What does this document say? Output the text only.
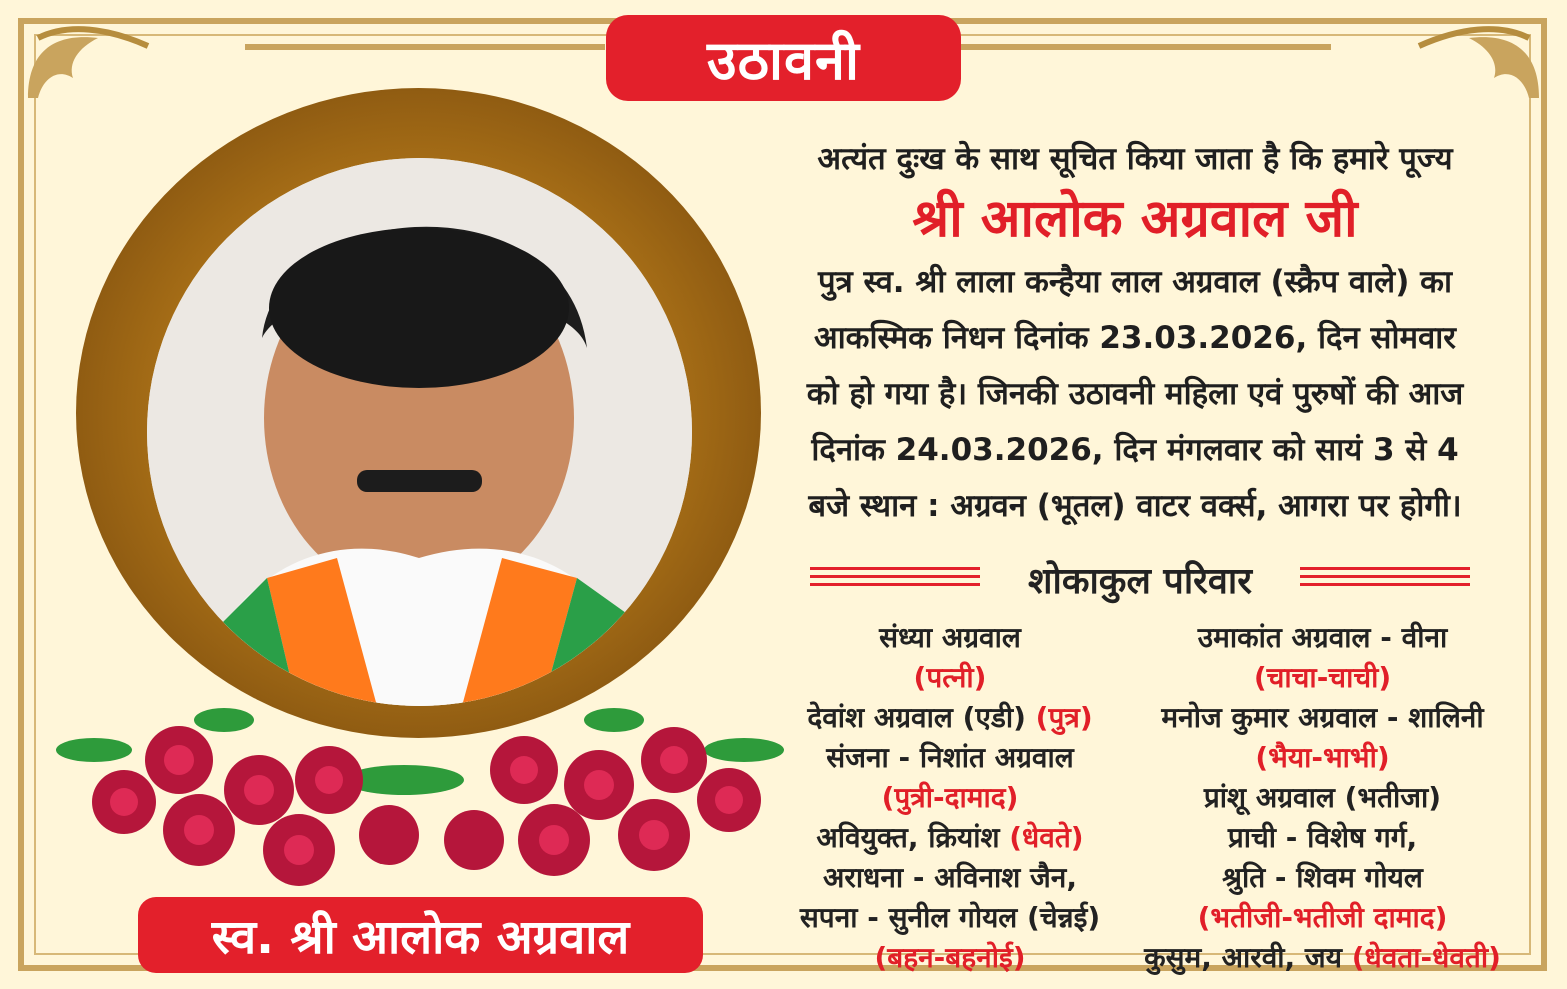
उठावनी
स्व. श्री आलोक अग्रवाल
अत्यंत दुःख के साथ सूचित किया जाता है कि हमारे पूज्य
श्री आलोक अग्रवाल जी
पुत्र स्व. श्री लाला कन्हैया लाल अग्रवाल (स्क्रैप वाले) का
आकस्मिक निधन दिनांक 23.03.2026, दिन सोमवार
को हो गया है। जिनकी उठावनी महिला एवं पुरुषों की आज
दिनांक 24.03.2026, दिन मंगलवार को सायं 3 से 4
बजे स्थान : अग्रवन (भूतल) वाटर वर्क्स, आगरा पर होगी।
शोकाकुल परिवार
संध्या अग्रवाल
(पत्नी)
देवांश अग्रवाल (एडी) (पुत्र)
संजना - निशांत अग्रवाल
(पुत्री-दामाद)
अवियुक्त, क्रियांश (धेवते)
अराधना - अविनाश जैन,
सपना - सुनील गोयल (चेन्नई)
(बहन-बहनोई)
उमाकांत अग्रवाल - वीना
(चाचा-चाची)
मनोज कुमार अग्रवाल - शालिनी
(भैया-भाभी)
प्रांशू अग्रवाल (भतीजा)
प्राची - विशेष गर्ग,
श्रुति - शिवम गोयल
(भतीजी-भतीजी दामाद)
कुसुम, आरवी, जय (धेवता-धेवती)
